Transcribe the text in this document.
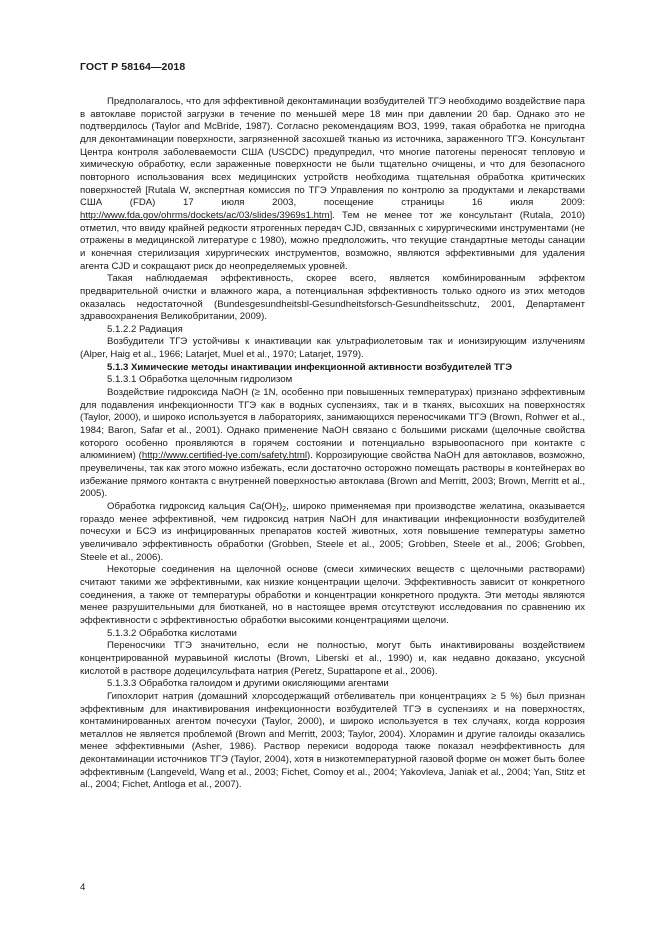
ГОСТ Р 58164—2018

Предполагалось, что для эффективной деконтаминации возбудителей ТГЭ необходимо воздействие пара в автоклаве пористой загрузки в течение по меньшей мере 18 мин при давлении 20 бар. Однако это не подтвердилось (Taylor and McBride, 1987). Согласно рекомендациям ВОЗ, 1999, такая обработка не пригодна для деконтаминации поверхности, загрязненной засохшей тканью из источника, зараженного ТГЭ. Консультант Центра контроля заболеваемости США (USCDC) предупредил, что многие патогены переносят тепловую и химическую обработку, если зараженные поверхности не были тщательно очищены, и что для безопасного повторного использования всех медицинских устройств необходима тщательная обработка критических поверхностей [Rutala W, экспертная комиссия по ТГЭ Управления по контролю за продуктами и лекарствами США (FDA) 17 июля 2003, посещение страницы 16 июля 2009: http://www.fda.gov/ohrms/dockets/ac/03/slides/3969s1.htm]. Тем не менее тот же консультант (Rutala, 2010) отметил, что ввиду крайней редкости ятрогенных передач CJD, связанных с хирургическими инструментами (не отражены в медицинской литературе с 1980), можно предположить, что текущие стандартные методы санации и конечная стерилизация хирургических инструментов, возможно, являются эффективными для удаления агента CJD и сокращают риск до неопределяемых уровней.

Такая наблюдаемая эффективность, скорее всего, является комбинированным эффектом предварительной очистки и влажного жара, а потенциальная эффективность только одного из этих методов оказалась недостаточной (Bundesgesundheitsbl-Gesundheitsforsch-Gesundheitsschutz, 2001, Департамент здравоохранения Великобритании, 2009).

5.1.2.2 Радиация

Возбудители ТГЭ устойчивы к инактивации как ультрафиолетовым так и ионизирующим излучениям (Alper, Haig et al., 1966; Latarjet, Muel et al., 1970; Latarjet, 1979).

5.1.3 Химические методы инактивации инфекционной активности возбудителей ТГЭ

5.1.3.1 Обработка щелочным гидролизом

Воздействие гидроксида NaOH (≥ 1N, особенно при повышенных температурах) признано эффективным для подавления инфекционности ТГЭ как в водных суспензиях, так и в тканях, высохших на поверхностях (Taylor, 2000), и широко используется в лабораториях, занимающихся переносчиками ТГЭ (Brown, Rohwer et al., 1984; Baron, Safar et al., 2001). Однако применение NaOH связано с большими рисками (щелочные свойства которого особенно проявляются в горячем состоянии и потенциально взрывоопасного при контакте с алюминием) (http://www.certified-lye.com/safety.html). Коррозирующие свойства NaOH для автоклавов, возможно, преувеличены, так как этого можно избежать, если достаточно осторожно помещать растворы в контейнерах во избежание прямого контакта с внутренней поверхностью автоклава (Brown and Merritt, 2003; Brown, Merritt et al., 2005).

Обработка гидроксид кальция $Ca(OH)_2$, широко применяемая при производстве желатина, оказывается гораздо менее эффективной, чем гидроксид натрия NaOH для инактивации инфекционности возбудителей почесухи и БСЭ из инфицированных препаратов костей животных, хотя повышение температуры заметно увеличивало эффективность обработки (Grobben, Steele et al., 2005; Grobben, Steele et al., 2006; Grobben, Steele et al., 2006).

Некоторые соединения на щелочной основе (смеси химических веществ с щелочными растворами) считают такими же эффективными, как низкие концентрации щелочи. Эффективность зависит от конкретного соединения, а также от температуры обработки и концентрации конкретного продукта. Эти методы являются менее разрушительными для биотканей, но в настоящее время отсутствуют исследования по сравнению их эффективности с эффективностью обработки высокими концентрациями щелочи.

5.1.3.2 Обработка кислотами

Переносчики ТГЭ значительно, если не полностью, могут быть инактивированы воздействием концентрированной муравьиной кислоты (Brown, Liberski et al., 1990) и, как недавно доказано, уксусной кислотой в растворе додецилсульфата натрия (Peretz, Supattapone et al., 2006).

5.1.3.3 Обработка галоидом и другими окисляющими агентами

Гипохлорит натрия (домашний хлорсодержащий отбеливатель при концентрациях ≥ 5 %) был признан эффективным для инактивирования инфекционности возбудителей ТГЭ в суспензиях и на поверхностях, контаминированных агентом почесухи (Taylor, 2000), и широко используется в тех случаях, когда коррозия металлов не является проблемой (Brown and Merritt, 2003; Taylor, 2004). Хлорамин и другие галоиды оказались менее эффективными (Asher, 1986). Раствор перекиси водорода также показал неэффективность для деконтаминации источников ТГЭ (Taylor, 2004), хотя в низкотемпературной газовой форме он может быть более эффективным (Langeveld, Wang et al., 2003; Fichet, Comoy et al., 2004; Yakovleva, Janiak et al., 2004; Yan, Stitz et al., 2004; Fichet, Antloga et al., 2007).

4
